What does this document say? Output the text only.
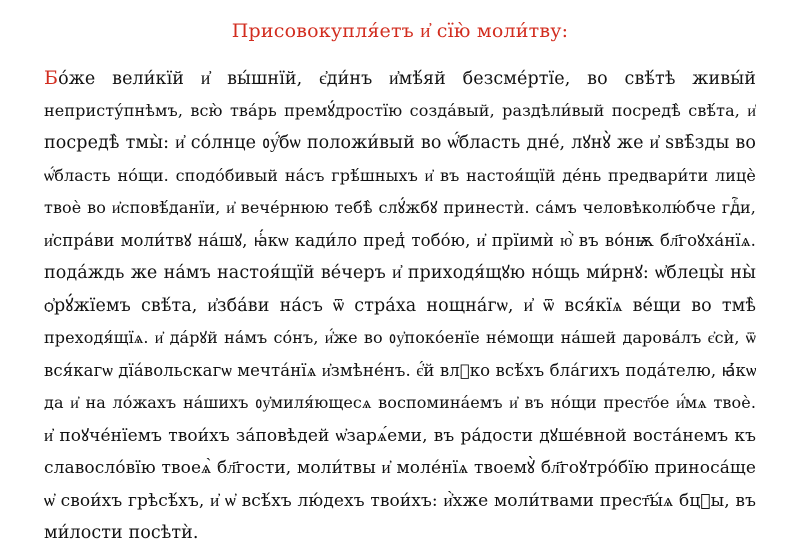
Присовокупля́етъ и҆ сїю̀ моли́тву:
Бо́же вели́кїй и҆ вы́шнїй, є҆ди́нъ и҆мѣ́яй безсме́ртїе, во свѣ́тѣ живы́й
непристу́пнѣмъ, всю̀ тва́рь премꙋ́дростїю созда́вый, раздѣли́вый посредѣ̀ свѣ́та, и҆
посредѣ̀ тмы̀: и҆ со́лнце ᲂу҆́бѡ положи́вый во ѡ҆́бласть дне́, лꙋнꙋ̀ же и҆ ѕвѣ̑зды во
ѡ҆́бласть но́щи. сподо́бивый на́съ грѣ́шныхъ и҆ въ настоя́щїй де́нь предвари́ти лицѐ
твоѐ во и҆сповѣ́данїи, и҆ вече́рнюю тебѣ̀ слꙋ́жбꙋ принестѝ. са́мъ человѣколю́бче гдⷭ҇и,
и҆спра́ви моли́твꙋ на́шꙋ, ꙗ҆́кѡ кади́ло пред̾ тобо́ю, и҆ прїимѝ ю҆̀ въ во́нѭ бл҃гоꙋха́нїѧ.
пода́ждь же на́мъ настоя́щїй ве́черъ и҆ приходя́щꙋю но́щь ми́рнꙋ: ѡ҆блецы̀ ны̀
ѻ҆рꙋ́жїемъ свѣ́та, и҆зба́ви на́съ ѿ стра́ха нощна́гѡ, и҆ ѿ вся́кїѧ ве́щи во тмѣ̀
преходя́щїѧ. и҆ да́рꙋй на́мъ со́нъ, и҆́же во ᲂу҆поко́енїе не́мощи на́шей дарова́лъ є҆сѝ, ѿ
вся́кагѡ дїа́вольскагѡ мечта́нїѧ и҆змѣне́нъ. є҆́й влⷣко всѣ́хъ бла́гихъ пода́телю, ꙗ҆́кѡ
да и҆ на ло́жахъ на́шихъ ᲂу҆миля́ющесѧ воспомина́емъ и҆ въ но́щи прест҃о́е и҆́мѧ твоѐ.
и҆ поꙋче́нїемъ твои́хъ за́повѣдей ѡ҆зарѧ́еми, въ ра́дости дꙋше́вной воста́немъ къ
славосло́вїю твоеѧ̀ бл҃гости, моли́твы и҆ моле́нїѧ твоемꙋ̀ бл҃гоꙋтро́бїю приноса́ще
ѡ҆ свои́хъ грѣсѣ́хъ, и҆ ѡ҆ всѣ́хъ лю́дехъ твои́хъ: и҆̀хже моли́твами прест҃ы́ѧ бцⷣы, въ
ми́лости посѣтѝ.
